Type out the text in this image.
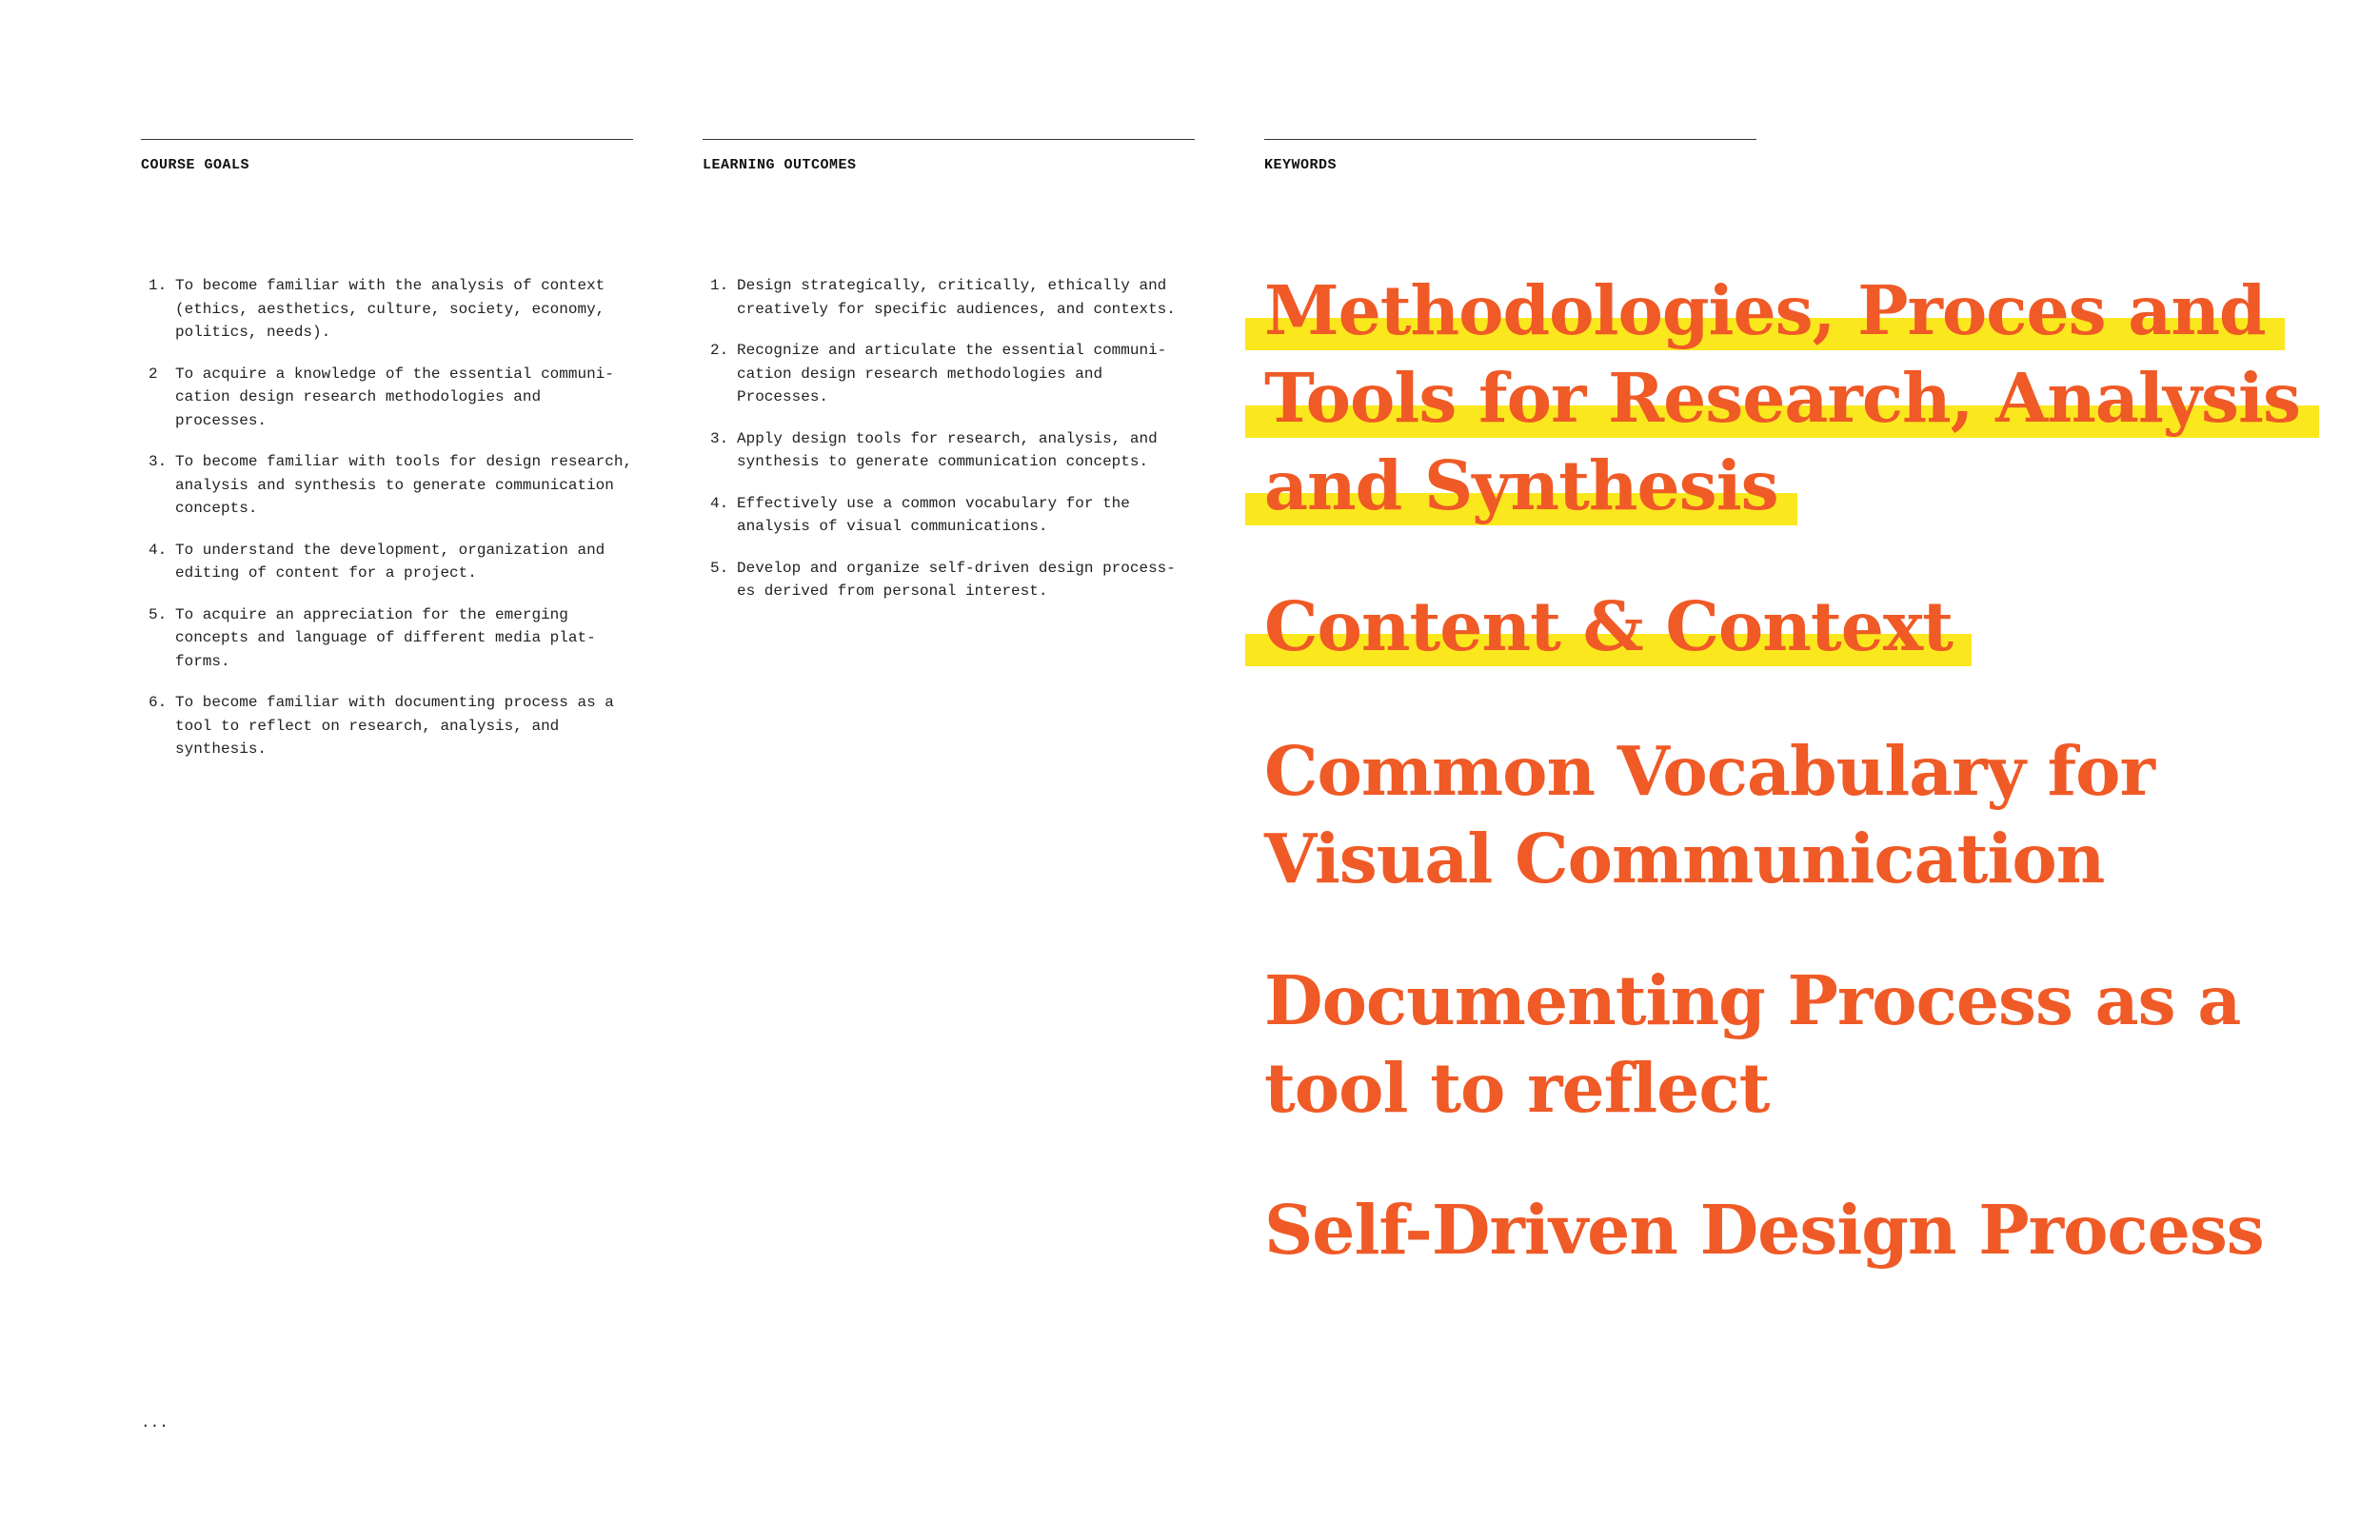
COURSE GOALS
1. To become familiar with the analysis of context (ethics, aesthetics, culture, society, economy, politics, needs).
2 To acquire a knowledge of the essential communi- cation design research methodologies and processes.
3. To become familiar with tools for design research, analysis and synthesis to generate communication concepts.
4. To understand the development, organization and editing of content for a project.
5. To acquire an appreciation for the emerging concepts and language of different media plat- forms.
6. To become familiar with documenting process as a tool to reflect on research, analysis, and synthesis.
LEARNING OUTCOMES
1. Design strategically, critically, ethically and creatively for specific audiences, and contexts.
2. Recognize and articulate the essential communi- cation design research methodologies and Processes.
3. Apply design tools for research, analysis, and synthesis to generate communication concepts.
4. Effectively use a common vocabulary for the analysis of visual communications.
5. Develop and organize self-driven design process- es derived from personal interest.
KEYWORDS

Methodologies, Proces and Tools for Research, Analysis and Synthesis

Content & Context

Common Vocabulary for Visual Communication

Documenting Process as a tool to reflect

Self-Driven Design Process

...
